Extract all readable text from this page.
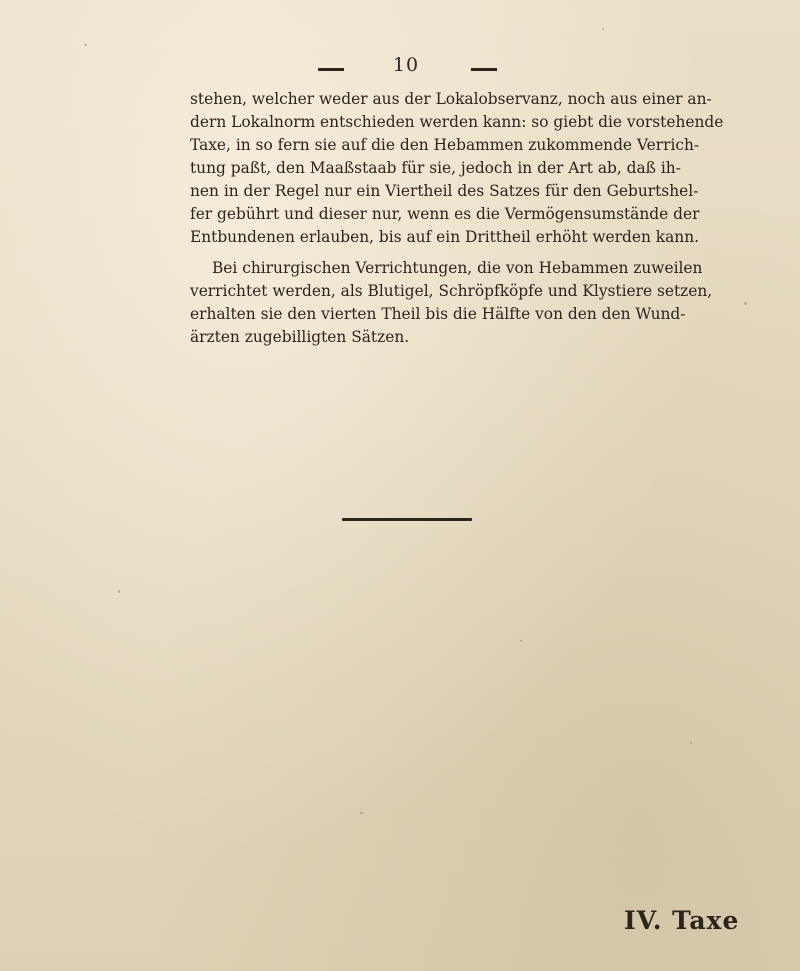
10
stehen, welcher weder aus der Lokalobservanz, noch aus einer an-
dern Lokalnorm entschieden werden kann: so giebt die vorstehende
Taxe, in so fern sie auf die den Hebammen zukommende Verrich-
tung paßt, den Maaßstaab für sie, jedoch in der Art ab, daß ih-
nen in der Regel nur ein Viertheil des Satzes für den Geburtshel-
fer gebührt und dieser nur, wenn es die Vermögensumstände der
Entbundenen erlauben, bis auf ein Drittheil erhöht werden kann.
Bei chirurgischen Verrichtungen, die von Hebammen zuweilen
verrichtet werden, als Blutigel, Schröpfköpfe und Klystiere setzen,
erhalten sie den vierten Theil bis die Hälfte von den den Wund-
ärzten zugebilligten Sätzen.
IV. Taxe
